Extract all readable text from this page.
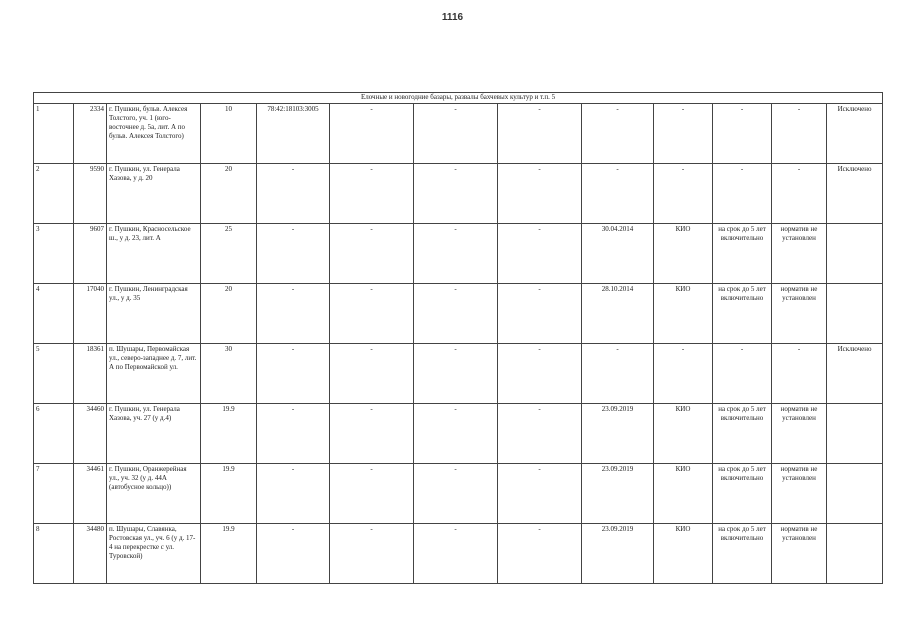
1116
Елочные и новогодние базары, развалы бахчевых культур и т.п. 5												
1	2334	г. Пушкин, бульв. Алексея Толстого, уч. 1 (юго-восточнее д. 5а, лит. А по бульв. Алексея Толстого)	10	78:42:18103:3005	-	-	-	-	-	-	-	Исключено
2	9590	г. Пушкин, ул. Генерала Хазова, у д. 20	20	-	-	-	-	-	-	-	-	Исключено
3	9607	г. Пушкин, Красносельское ш., у д. 23, лит. А	25	-	-	-	-	30.04.2014	КИО	на срок до 5 лет включительно	норматив не установлен	
4	17040	г. Пушкин, Ленинградская ул., у д. 35	20	-	-	-	-	28.10.2014	КИО	на срок до 5 лет включительно	норматив не установлен	
5	18361	п. Шушары, Первомайская ул., северо-западнее д. 7, лит. А по Первомайской ул.	30	-	-	-	-	-	-	-	-	Исключено
6	34460	г. Пушкин, ул. Генерала Хазова, уч. 27 (у д.4)	19.9	-	-	-	-	23.09.2019	КИО	на срок до 5 лет включительно	норматив не установлен	
7	34461	г. Пушкин, Оранжерейная ул., уч. 32 (у д. 44А (автобусное кольцо))	19.9	-	-	-	-	23.09.2019	КИО	на срок до 5 лет включительно	норматив не установлен	
8	34480	п. Шушары, Славянка, Ростовская ул., уч. 6 (у д. 17-4 на перекрестке с ул. Туровской)	19.9	-	-	-	-	23.09.2019	КИО	на срок до 5 лет включительно	норматив не установлен	
